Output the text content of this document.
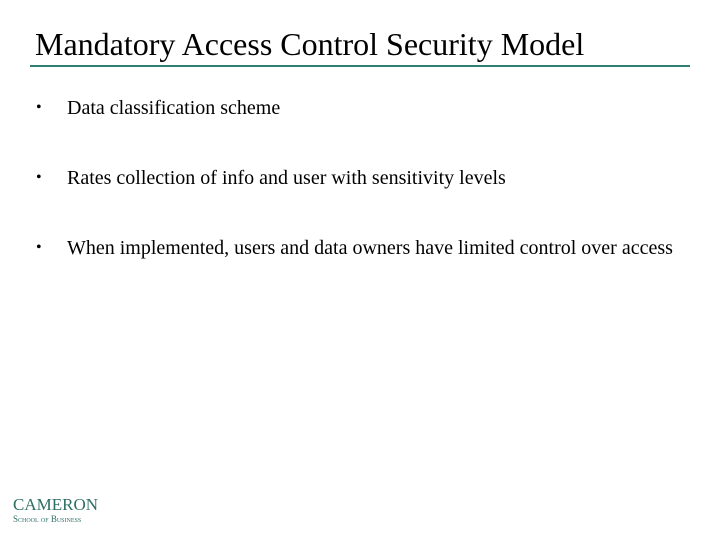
Mandatory Access Control Security Model
• Data classification scheme
• Rates collection of info and user with sensitivity levels
• When implemented, users and data owners have limited control over access
CAMERON
School of Business
